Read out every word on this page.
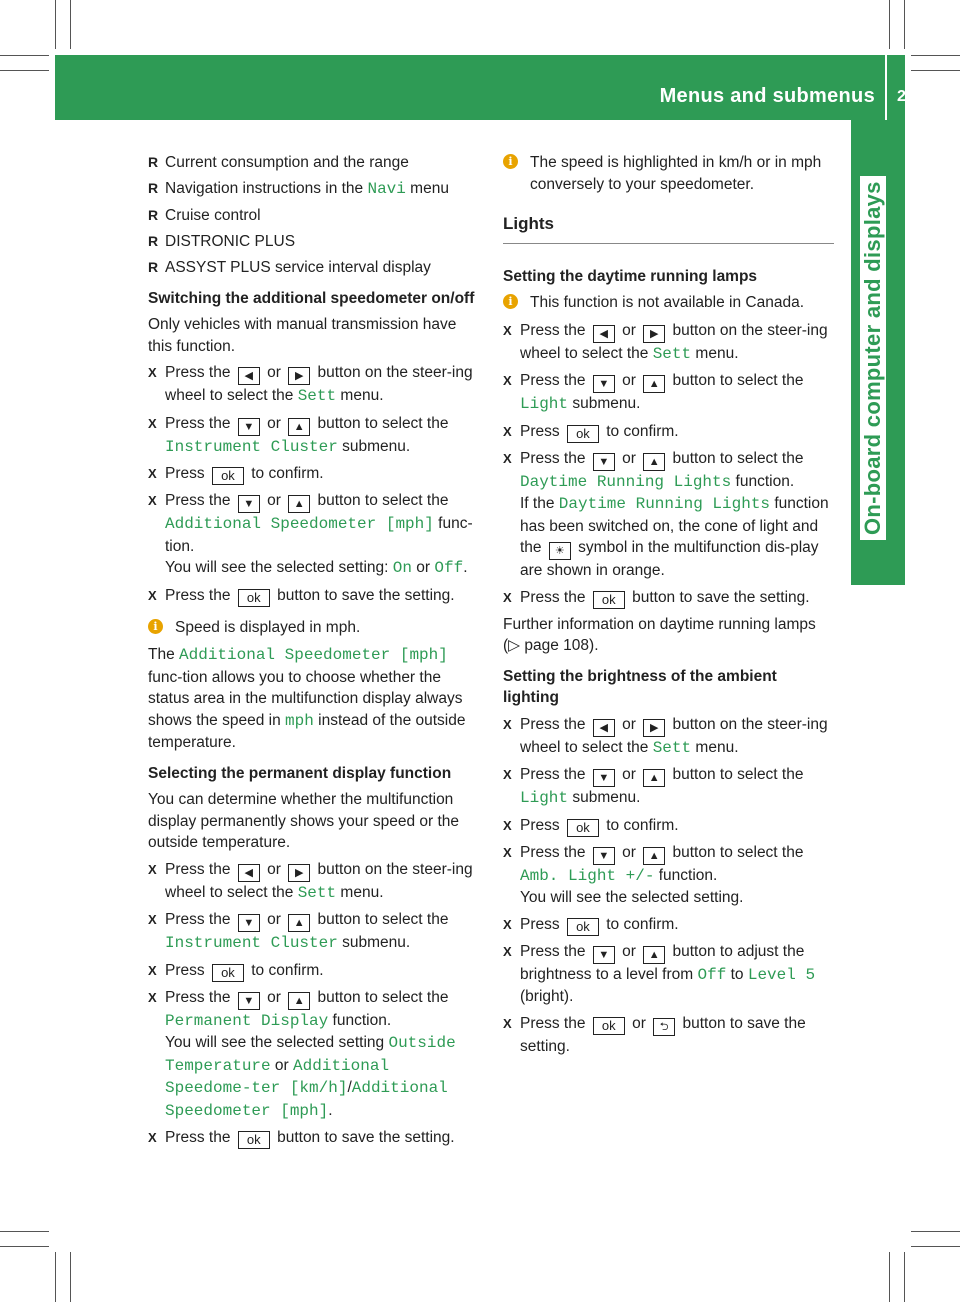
Menus and submenus 205
On-board computer and displays
R Current consumption and the range
R Navigation instructions in the Navi menu
R Cruise control
R DISTRONIC PLUS
R ASSYST PLUS service interval display
Switching the additional speedometer on/off
Only vehicles with manual transmission have this function.
X Press the ◀ or ▶ button on the steer-ing wheel to select the Sett menu.
X Press the ▼ or ▲ button to select the Instrument Cluster submenu.
X Press ok to confirm.
X Press the ▼ or ▲ button to select the Additional Speedometer [mph] func-tion.
You will see the selected setting: On or Off.
X Press the ok button to save the setting.
i	Speed is displayed in mph.
The Additional Speedometer [mph] func-tion allows you to choose whether the status area in the multifunction display always shows the speed in mph instead of the outside temperature.
Selecting the permanent display function
You can determine whether the multifunction display permanently shows your speed or the outside temperature.
X Press the ◀ or ▶ button on the steer-ing wheel to select the Sett menu.
X Press the ▼ or ▲ button to select the Instrument Cluster submenu.
X Press ok to confirm.
X Press the ▼ or ▲ button to select the Permanent Display function.
You will see the selected setting Outside Temperature or Additional Speedome‐ter [km/h]/Additional Speedometer [mph].
X Press the ok button to save the setting.
i	The speed is highlighted in km/h or in mph conversely to your speedometer.
Lights
Setting the daytime running lamps
i	This function is not available in Canada.
X Press the ◀ or ▶ button on the steer-ing wheel to select the Sett menu.
X Press the ▼ or ▲ button to select the Light submenu.
X Press ok to confirm.
X Press the ▼ or ▲ button to select the Daytime Running Lights function.
If the Daytime Running Lights function has been switched on, the cone of light and the ☀ symbol in the multifunction dis-play are shown in orange.
X Press the ok button to save the setting.
Further information on daytime running lamps (▷ page 108).
Setting the brightness of the ambient lighting
X Press the ◀ or ▶ button on the steer-ing wheel to select the Sett menu.
X Press the ▼ or ▲ button to select the Light submenu.
X Press ok to confirm.
X Press the ▼ or ▲ button to select the Amb. Light +/- function.
You will see the selected setting.
X Press ok to confirm.
X Press the ▼ or ▲ button to adjust the brightness to a level from Off to Level 5 (bright).
X Press the ok or ⮌ button to save the setting.
